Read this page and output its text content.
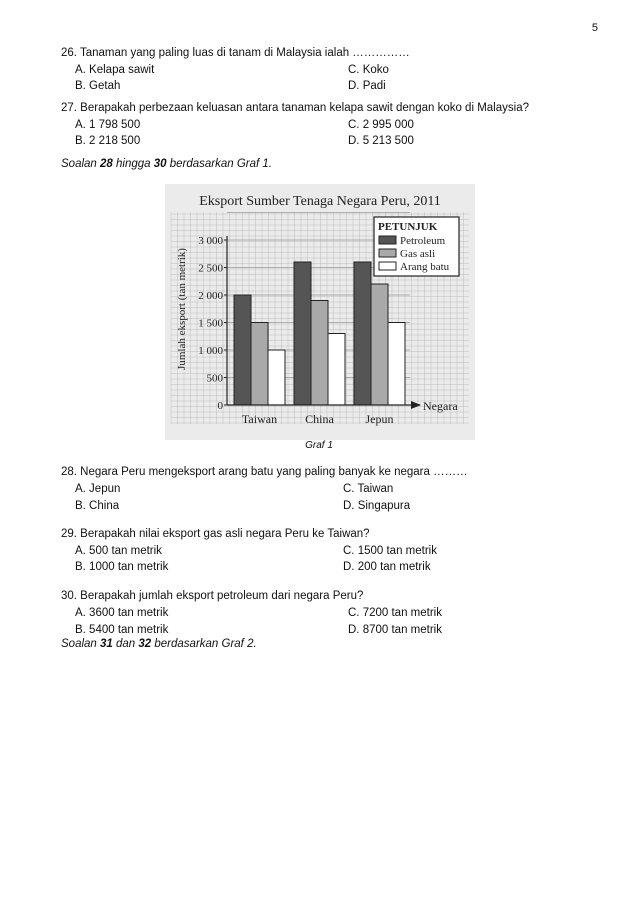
5
26. Tanaman yang paling luas di tanam di Malaysia ialah ……………
A. Kelapa sawit
B. Getah
C. Koko
D. Padi
27. Berapakah perbezaan keluasan antara tanaman kelapa sawit dengan koko di Malaysia?
A. 1 798 500
B. 2 218 500
C. 2 995 000
D. 5 213 500
Soalan 28 hingga 30 berdasarkan Graf 1.
Eksport Sumber Tenaga Negara Peru, 2011
Jumlah eksport (tan metrik)
0
500
1 000
1 500
2 000
2 500
3 000
Taiwan China	Jepun
Negara
PETUNJUK
Petroleum
Gas asli
Arang batu
Graf 1
28. Negara Peru mengeksport arang batu yang paling banyak ke negara ………
A. Jepun
B. China
C. Taiwan
D. Singapura
29. Berapakah nilai eksport gas asli negara Peru ke Taiwan?
A. 500 tan metrik
B. 1000 tan metrik
C. 1500 tan metrik
D. 200 tan metrik
30. Berapakah jumlah eksport petroleum dari negara Peru?
A. 3600 tan metrik
B. 5400 tan metrik
C. 7200 tan metrik
D. 8700 tan metrik
Soalan 31 dan 32 berdasarkan Graf 2.
